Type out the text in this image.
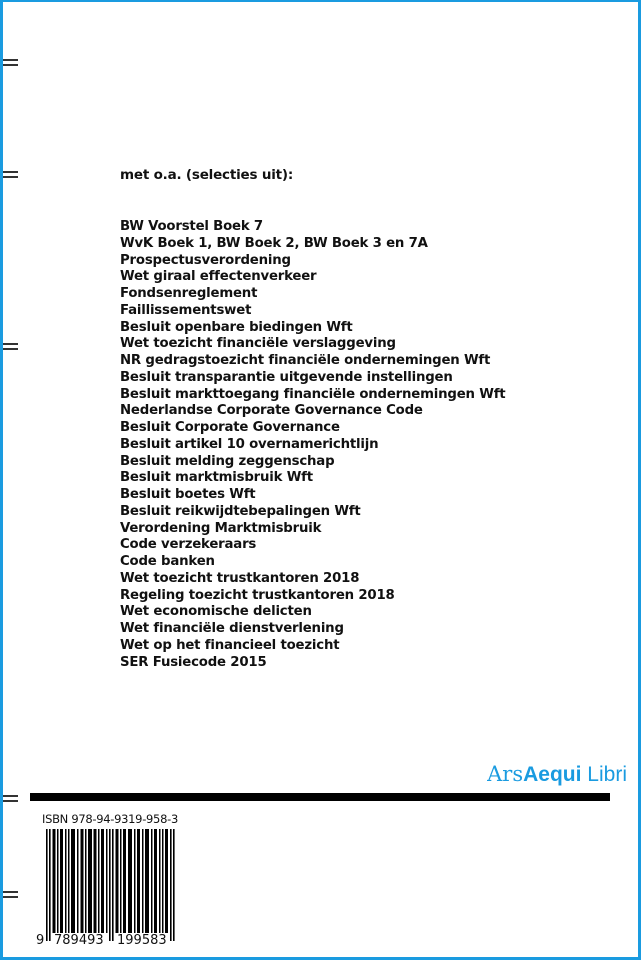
met o.a. (selecties uit):
BW Voorstel Boek 7
WvK Boek 1, BW Boek 2, BW Boek 3 en 7A
Prospectusverordening
Wet giraal effectenverkeer
Fondsenreglement
Faillissementswet
Besluit openbare biedingen Wft
Wet toezicht financiële verslaggeving
NR gedragstoezicht financiële ondernemingen Wft
Besluit transparantie uitgevende instellingen
Besluit markttoegang financiële ondernemingen Wft
Nederlandse Corporate Governance Code
Besluit Corporate Governance
Besluit artikel 10 overnamerichtlijn
Besluit melding zeggenschap
Besluit marktmisbruik Wft
Besluit boetes Wft
Besluit reikwijdtebepalingen Wft
Verordening Marktmisbruik
Code verzekeraars
Code banken
Wet toezicht trustkantoren 2018
Regeling toezicht trustkantoren 2018
Wet economische delicten
Wet financiële dienstverlening
Wet op het financieel toezicht
SER Fusiecode 2015
ArsAequi Libri
ISBN 978-94-9319-958-3
9 789493 199583
